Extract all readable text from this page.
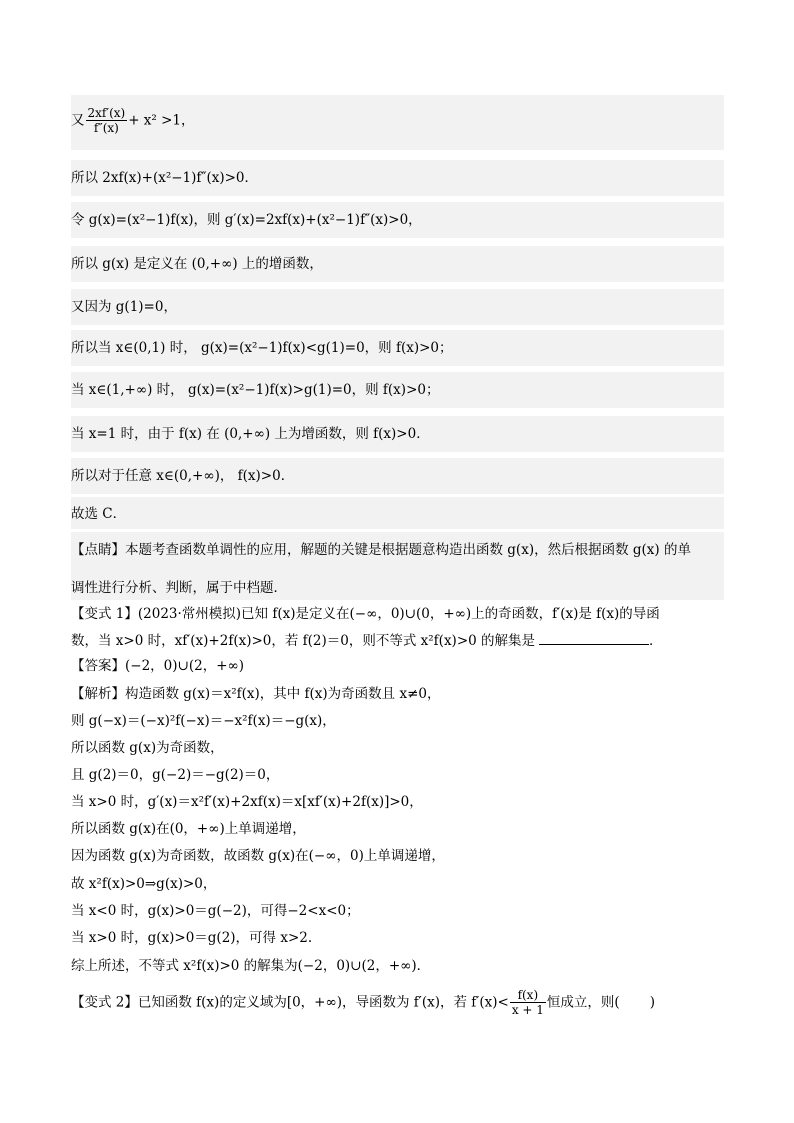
又 $\frac{2xf'(x)}{f''(x)} + x^2 >1$，
所以 2xf(x)+(x²−1)f″(x)>0．
令 g(x)=(x²−1)f(x)，则 g′(x)=2xf(x)+(x²−1)f″(x)>0，
所以 g(x) 是定义在 (0,+∞) 上的增函数，
又因为 g(1)=0，
所以当 x∈(0,1) 时， g(x)=(x²−1)f(x)<g(1)=0，则 f(x)>0；
当 x∈(1,+∞) 时， g(x)=(x²−1)f(x)>g(1)=0，则 f(x)>0；
当 x=1 时，由于 f(x) 在 (0,+∞) 上为增函数，则 f(x)>0．
所以对于任意 x∈(0,+∞)， f(x)>0．
故选 C．
【点睛】本题考查函数单调性的应用，解题的关键是根据题意构造出函数 g(x)，然后根据函数 g(x) 的单
调性进行分析、判断，属于中档题．
【变式 1】(2023·常州模拟)已知 f(x)是定义在(−∞，0)∪(0，+∞)上的奇函数，f′(x)是 f(x)的导函
数，当 x>0 时，xf′(x)+2f(x)>0，若 f(2)＝0，则不等式 x²f(x)>0 的解集是	．
【答案】(−2，0)∪(2，+∞)
【解析】构造函数 g(x)＝x²f(x)，其中 f(x)为奇函数且 x≠0，
则 g(−x)＝(−x)²f(−x)＝−x²f(x)＝−g(x)，
所以函数 g(x)为奇函数，
且 g(2)＝0，g(−2)＝−g(2)＝0，
当 x>0 时，g′(x)＝x²f′(x)+2xf(x)＝x[xf′(x)+2f(x)]>0，
所以函数 g(x)在(0，+∞)上单调递增，
因为函数 g(x)为奇函数，故函数 g(x)在(−∞，0)上单调递增，
故 x²f(x)>0⇒g(x)>0，
当 x<0 时，g(x)>0＝g(−2)，可得−2<x<0；
当 x>0 时，g(x)>0＝g(2)，可得 x>2.
综上所述，不等式 x²f(x)>0 的解集为(−2，0)∪(2，+∞)．
【变式 2】已知函数 f(x)的定义域为[0，+∞)，导函数为 f′(x)，若 $f'(x)< \frac{f(x)}{x + 1}$ 恒成立，则( )
